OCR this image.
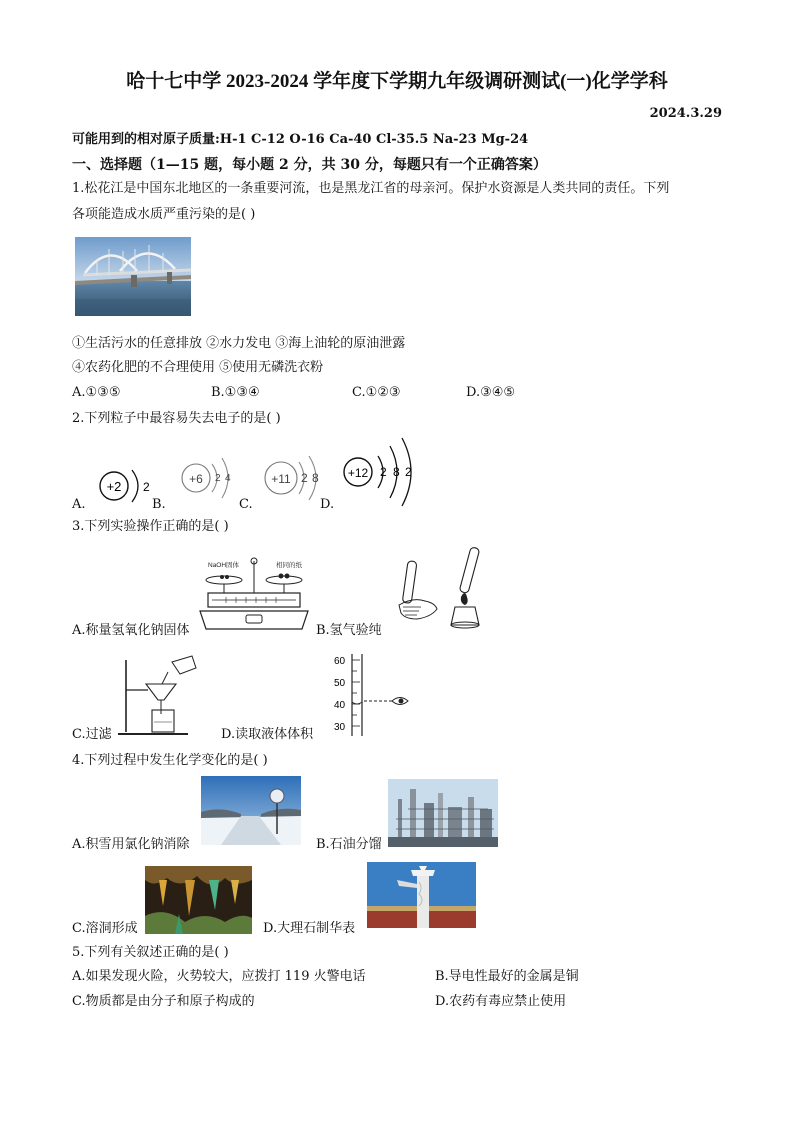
哈十七中学 2023-2024 学年度下学期九年级调研测试(一)化学学科
2024.3.29
可能用到的相对原子质量:H-1 C-12 O-16 Ca-40 Cl-35.5 Na-23 Mg-24
一、选择题（1—15 题，每小题 2 分，共 30 分，每题只有一个正确答案）
1.松花江是中国东北地区的一条重要河流，也是黑龙江省的母亲河。保护水资源是人类共同的责任。下列
各项能造成水质严重污染的是( )
①生活污水的任意排放 ②水力发电 ③海上油轮的原油泄露
④农药化肥的不合理使用 ⑤使用无磷洗衣粉
A.①③⑤	B.①③④	C.①②③	D.③④⑤
2.下列粒子中最容易失去电子的是( )
A.
+2 2
B.
+6 2 4
C.
+11 2 8
D.
+12 2 8 2
3.下列实验操作正确的是( )
NaOH固体	相同的纸
A.称量氢氧化钠固体	B.氢气验纯
C.过滤
60
50
40
30
D.读取液体体积
4.下列过程中发生化学变化的是( )
A.积雪用氯化钠消除	B.石油分馏
C.溶洞形成	D.大理石制华表
5.下列有关叙述正确的是( )
A.如果发现火险，火势较大，应拨打 119 火警电话	B.导电性最好的金属是铜
C.物质都是由分子和原子构成的	D.农药有毒应禁止使用
